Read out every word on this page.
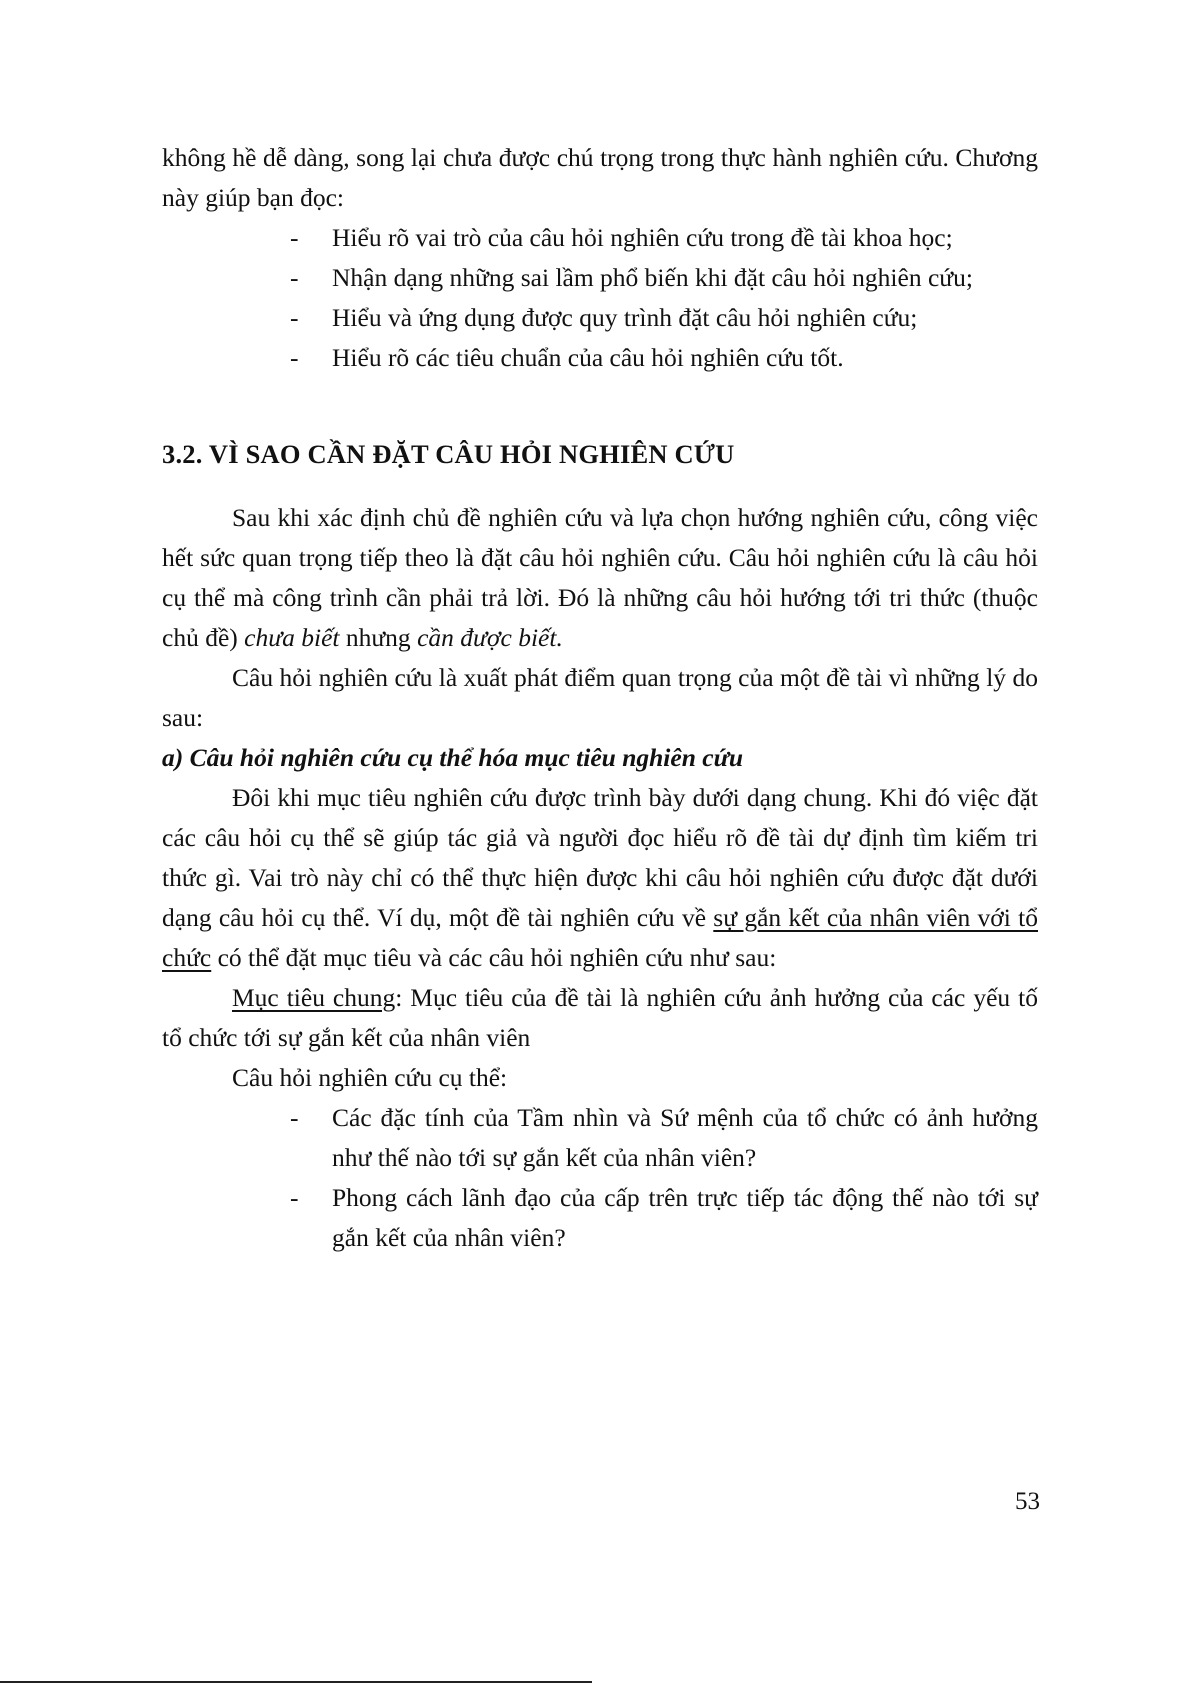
không hề dễ dàng, song lại chưa được chú trọng trong thực hành nghiên cứu. Chương này giúp bạn đọc:

- Hiểu rõ vai trò của câu hỏi nghiên cứu trong đề tài khoa học;
- Nhận dạng những sai lầm phổ biến khi đặt câu hỏi nghiên cứu;
- Hiểu và ứng dụng được quy trình đặt câu hỏi nghiên cứu;
- Hiểu rõ các tiêu chuẩn của câu hỏi nghiên cứu tốt.
3.2. VÌ SAO CẦN ĐẶT CÂU HỎI NGHIÊN CỨU

Sau khi xác định chủ đề nghiên cứu và lựa chọn hướng nghiên cứu, công việc hết sức quan trọng tiếp theo là đặt câu hỏi nghiên cứu. Câu hỏi nghiên cứu là câu hỏi cụ thể mà công trình cần phải trả lời. Đó là những câu hỏi hướng tới tri thức (thuộc chủ đề) chưa biết nhưng cần được biết.

Câu hỏi nghiên cứu là xuất phát điểm quan trọng của một đề tài vì những lý do sau:

a) Câu hỏi nghiên cứu cụ thể hóa mục tiêu nghiên cứu

Đôi khi mục tiêu nghiên cứu được trình bày dưới dạng chung. Khi đó việc đặt các câu hỏi cụ thể sẽ giúp tác giả và người đọc hiểu rõ đề tài dự định tìm kiếm tri thức gì. Vai trò này chỉ có thể thực hiện được khi câu hỏi nghiên cứu được đặt dưới dạng câu hỏi cụ thể. Ví dụ, một đề tài nghiên cứu về sự gắn kết của nhân viên với tổ chức có thể đặt mục tiêu và các câu hỏi nghiên cứu như sau:

Mục tiêu chung: Mục tiêu của đề tài là nghiên cứu ảnh hưởng của các yếu tố tổ chức tới sự gắn kết của nhân viên

Câu hỏi nghiên cứu cụ thể:

- Các đặc tính của Tầm nhìn và Sứ mệnh của tổ chức có ảnh hưởng như thế nào tới sự gắn kết của nhân viên?
- Phong cách lãnh đạo của cấp trên trực tiếp tác động thế nào tới sự gắn kết của nhân viên?
53
